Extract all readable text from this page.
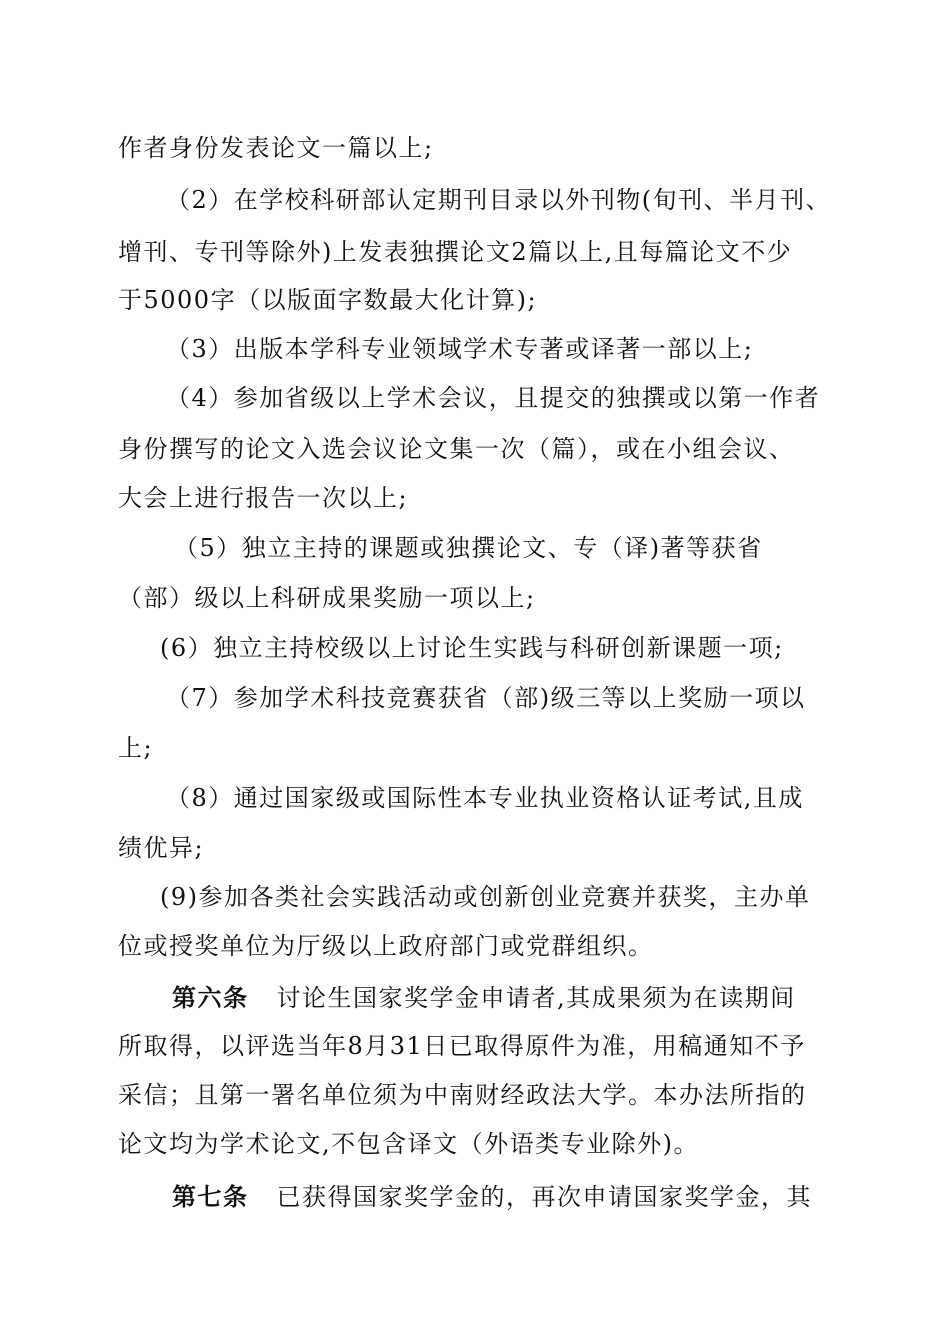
作者身份发表论文一篇以上;
（2）在学校科研部认定期刊目录以外刊物(旬刊、半月刊、
增刊、专刊等除外)上发表独撰论文2篇以上,且每篇论文不少
于5000字（以版面字数最大化计算);
（3）出版本学科专业领域学术专著或译著一部以上;
（4）参加省级以上学术会议，且提交的独撰或以第一作者
身份撰写的论文入选会议论文集一次（篇），或在小组会议、
大会上进行报告一次以上;
（5）独立主持的课题或独撰论文、专（译)著等获省
（部）级以上科研成果奖励一项以上;
(6）独立主持校级以上讨论生实践与科研创新课题一项;
（7）参加学术科技竞赛获省（部)级三等以上奖励一项以
上;
（8）通过国家级或国际性本专业执业资格认证考试,且成
绩优异;
(9)参加各类社会实践活动或创新创业竞赛并获奖，主办单
位或授奖单位为厅级以上政府部门或党群组织。
第六条 讨论生国家奖学金申请者,其成果须为在读期间
所取得，以评选当年8月31日已取得原件为准，用稿通知不予
采信；且第一署名单位须为中南财经政法大学。本办法所指的
论文均为学术论文,不包含译文（外语类专业除外)。
第七条 已获得国家奖学金的，再次申请国家奖学金，其
